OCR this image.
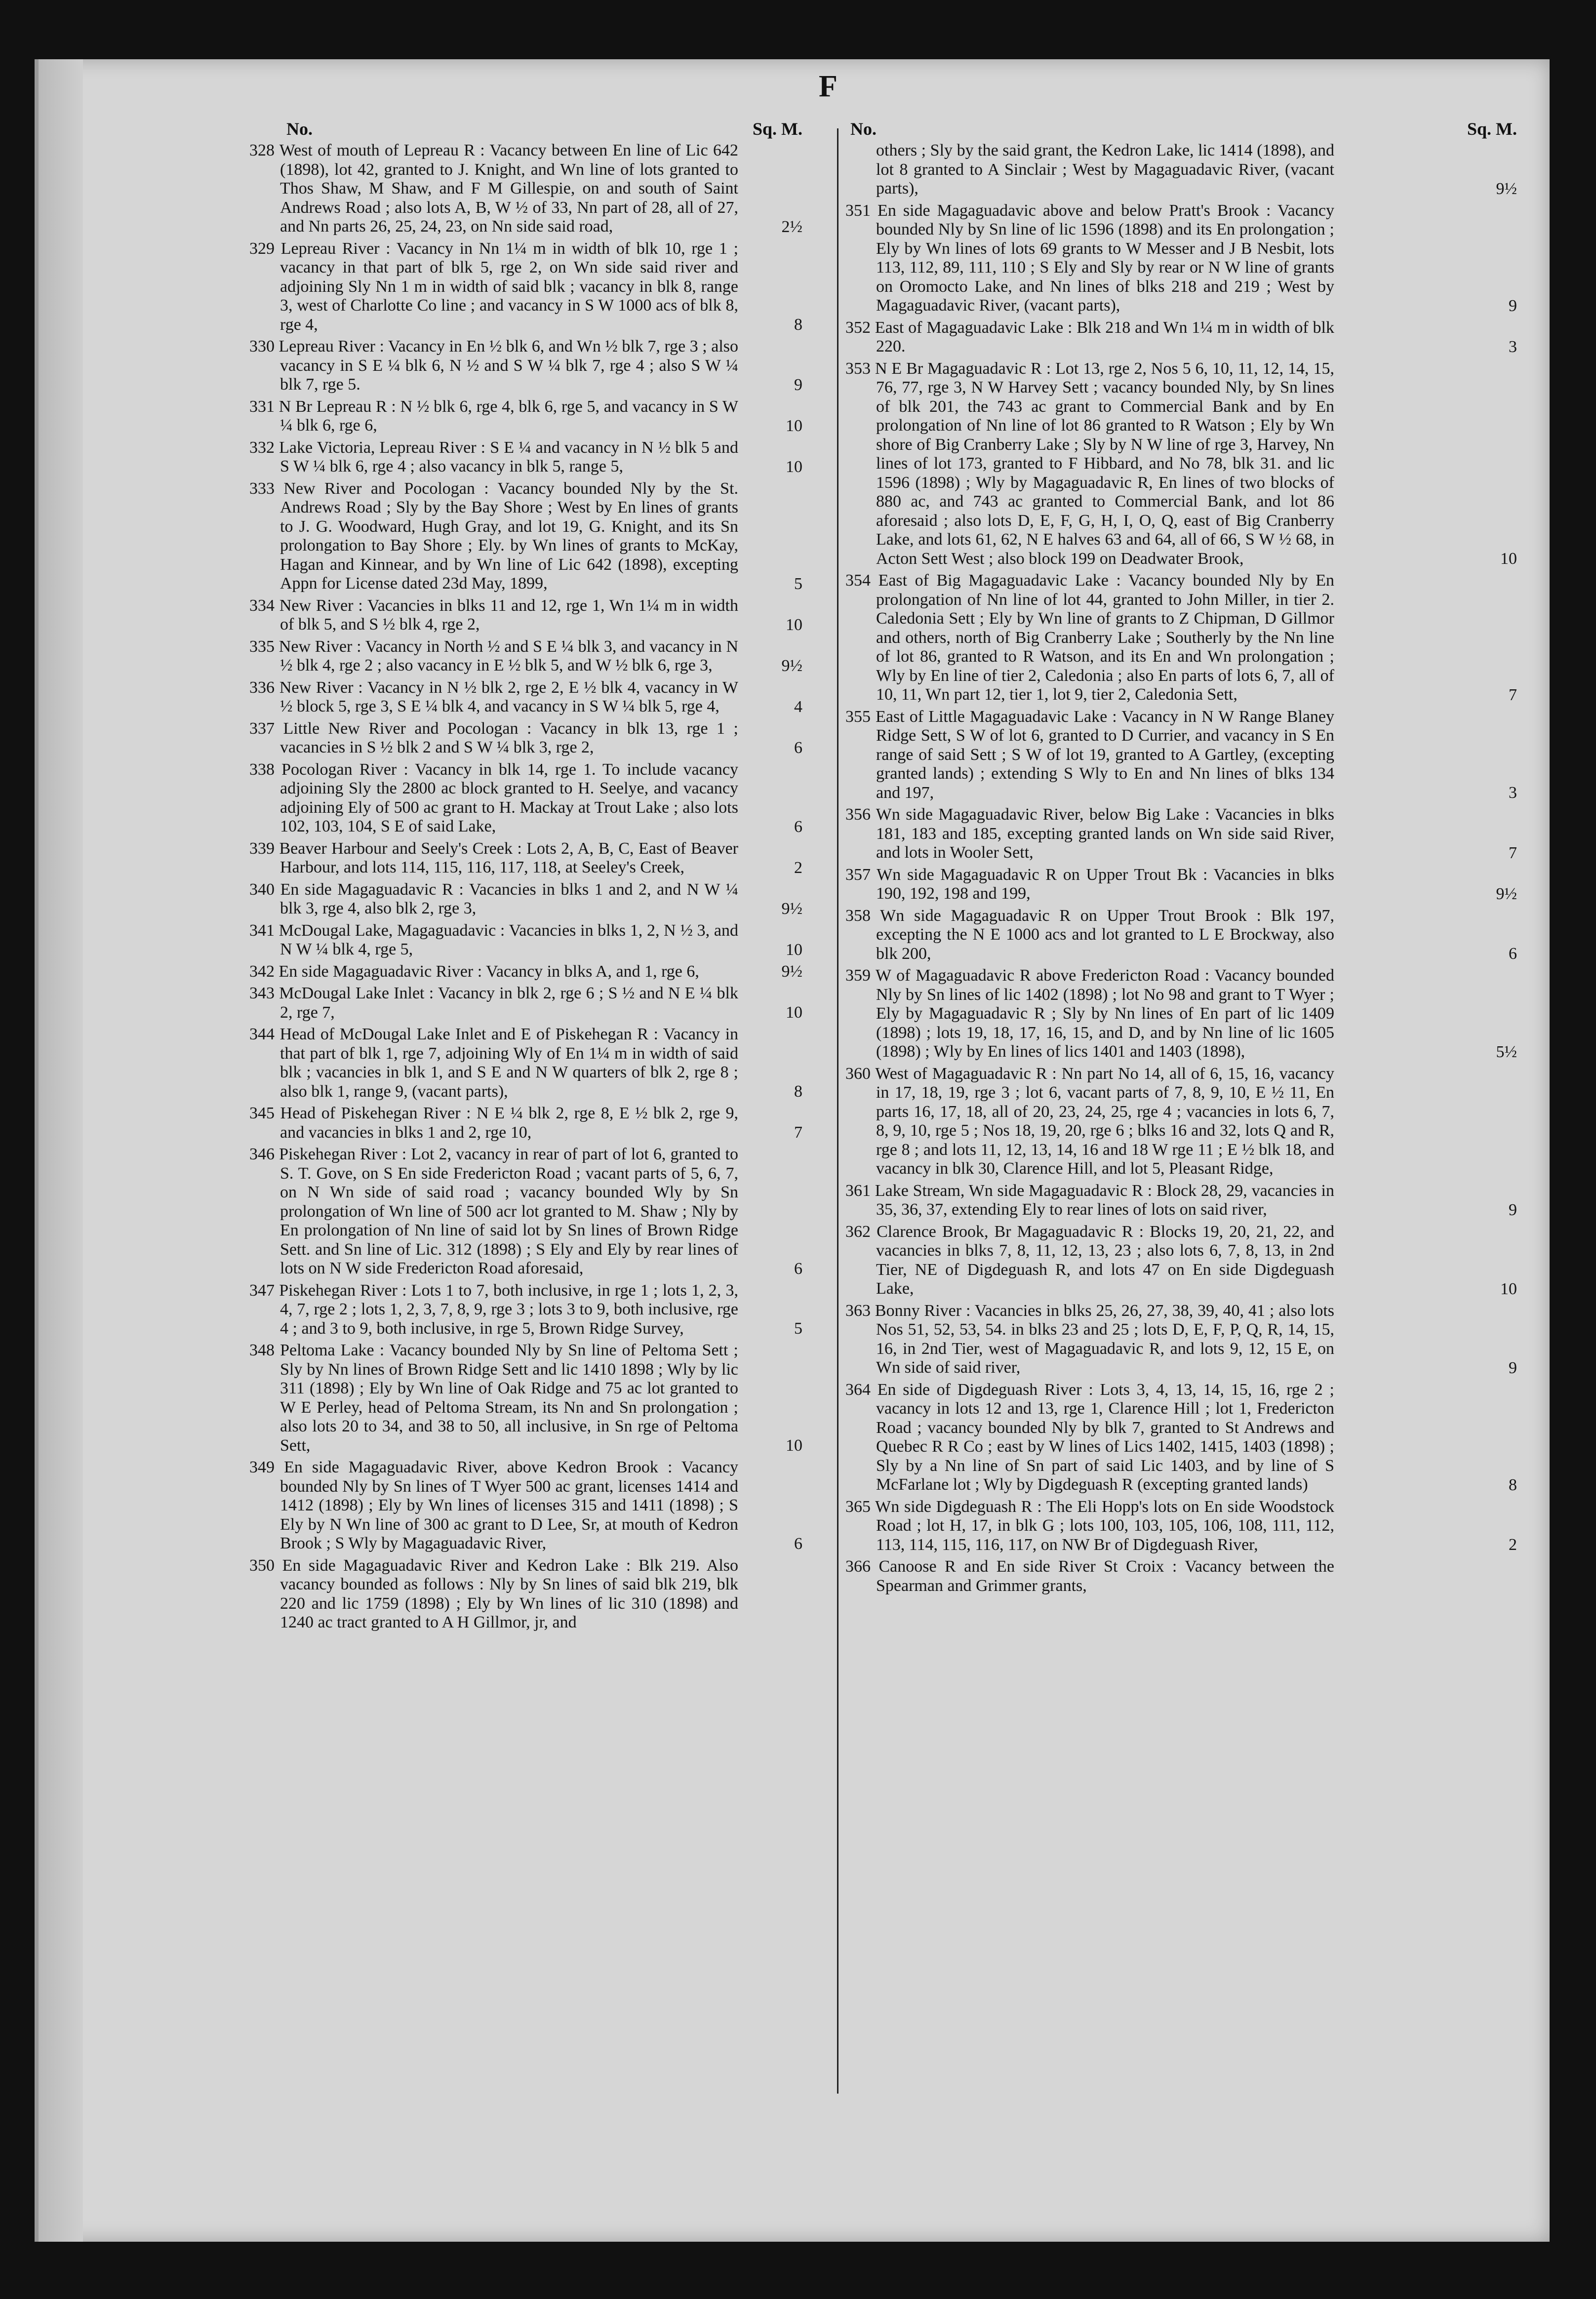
F
No.	Sq. M.
328 West of mouth of Lepreau R : Vacancy between En line of Lic 642 (1898), lot 42, granted to J. Knight, and Wn line of lots granted to Thos Shaw, M Shaw, and F M Gillespie, on and south of Saint Andrews Road ; also lots A, B, W ½ of 33, Nn part of 28, all of 27, and Nn parts 26, 25, 24, 23, on Nn side said road,	2½
329 Lepreau River : Vacancy in Nn 1¼ m in width of blk 10, rge 1 ; vacancy in that part of blk 5, rge 2, on Wn side said river and adjoining Sly Nn 1 m in width of said blk ; vacancy in blk 8, range 3, west of Charlotte Co line ; and vacancy in S W 1000 acs of blk 8, rge 4,	8
330 Lepreau River : Vacancy in En ½ blk 6, and Wn ½ blk 7, rge 3 ; also vacancy in S E ¼ blk 6, N ½ and S W ¼ blk 7, rge 4 ; also S W ¼ blk 7, rge 5.	9
331 N Br Lepreau R : N ½ blk 6, rge 4, blk 6, rge 5, and vacancy in S W ¼ blk 6, rge 6,	10
332 Lake Victoria, Lepreau River : S E ¼ and vacancy in N ½ blk 5 and S W ¼ blk 6, rge 4 ; also vacancy in blk 5, range 5,	10
333 New River and Pocologan : Vacancy bounded Nly by the St. Andrews Road ; Sly by the Bay Shore ; West by En lines of grants to J. G. Woodward, Hugh Gray, and lot 19, G. Knight, and its Sn prolongation to Bay Shore ; Ely. by Wn lines of grants to McKay, Hagan and Kinnear, and by Wn line of Lic 642 (1898), excepting Appn for License dated 23d May, 1899,	5
334 New River : Vacancies in blks 11 and 12, rge 1, Wn 1¼ m in width of blk 5, and S ½ blk 4, rge 2,	10
335 New River : Vacancy in North ½ and S E ¼ blk 3, and vacancy in N ½ blk 4, rge 2 ; also vacancy in E ½ blk 5, and W ½ blk 6, rge 3,	9½
336 New River : Vacancy in N ½ blk 2, rge 2, E ½ blk 4, vacancy in W ½ block 5, rge 3, S E ¼ blk 4, and vacancy in S W ¼ blk 5, rge 4,	4
337 Little New River and Pocologan : Vacancy in blk 13, rge 1 ; vacancies in S ½ blk 2 and S W ¼ blk 3, rge 2,	6
338 Pocologan River : Vacancy in blk 14, rge 1. To include vacancy adjoining Sly the 2800 ac block granted to H. Seelye, and vacancy adjoining Ely of 500 ac grant to H. Mackay at Trout Lake ; also lots 102, 103, 104, S E of said Lake,	6
339 Beaver Harbour and Seely's Creek : Lots 2, A, B, C, East of Beaver Harbour, and lots 114, 115, 116, 117, 118, at Seeley's Creek,	2
340 En side Magaguadavic R : Vacancies in blks 1 and 2, and N W ¼ blk 3, rge 4, also blk 2, rge 3,	9½
341 McDougal Lake, Magaguadavic : Vacancies in blks 1, 2, N ½ 3, and N W ¼ blk 4, rge 5,	10
342 En side Magaguadavic River : Vacancy in blks A, and 1, rge 6,	9½
343 McDougal Lake Inlet : Vacancy in blk 2, rge 6 ; S ½ and N E ¼ blk 2, rge 7,	10
344 Head of McDougal Lake Inlet and E of Piskehegan R : Vacancy in that part of blk 1, rge 7, adjoining Wly of En 1¼ m in width of said blk ; vacancies in blk 1, and S E and N W quarters of blk 2, rge 8 ; also blk 1, range 9, (vacant parts),	8
345 Head of Piskehegan River : N E ¼ blk 2, rge 8, E ½ blk 2, rge 9, and vacancies in blks 1 and 2, rge 10,	7
346 Piskehegan River : Lot 2, vacancy in rear of part of lot 6, granted to S. T. Gove, on S En side Fredericton Road ; vacant parts of 5, 6, 7, on N Wn side of said road ; vacancy bounded Wly by Sn prolongation of Wn line of 500 acr lot granted to M. Shaw ; Nly by En prolongation of Nn line of said lot by Sn lines of Brown Ridge Sett. and Sn line of Lic. 312 (1898) ; S Ely and Ely by rear lines of lots on N W side Fredericton Road aforesaid,	6
347 Piskehegan River : Lots 1 to 7, both inclusive, in rge 1 ; lots 1, 2, 3, 4, 7, rge 2 ; lots 1, 2, 3, 7, 8, 9, rge 3 ; lots 3 to 9, both inclusive, rge 4 ; and 3 to 9, both inclusive, in rge 5, Brown Ridge Survey,	5
348 Peltoma Lake : Vacancy bounded Nly by Sn line of Peltoma Sett ; Sly by Nn lines of Brown Ridge Sett and lic 1410 1898 ; Wly by lic 311 (1898) ; Ely by Wn line of Oak Ridge and 75 ac lot granted to W E Perley, head of Peltoma Stream, its Nn and Sn prolongation ; also lots 20 to 34, and 38 to 50, all inclusive, in Sn rge of Peltoma Sett,	10
349 En side Magaguadavic River, above Kedron Brook : Vacancy bounded Nly by Sn lines of T Wyer 500 ac grant, licenses 1414 and 1412 (1898) ; Ely by Wn lines of licenses 315 and 1411 (1898) ; S Ely by N Wn line of 300 ac grant to D Lee, Sr, at mouth of Kedron Brook ; S Wly by Magaguadavic River,	6
350 En side Magaguadavic River and Kedron Lake : Blk 219. Also vacancy bounded as follows : Nly by Sn lines of said blk 219, blk 220 and lic 1759 (1898) ; Ely by Wn lines of lic 310 (1898) and 1240 ac tract granted to A H Gillmor, jr, and
No.	Sq. M.
others ; Sly by the said grant, the Kedron Lake, lic 1414 (1898), and lot 8 granted to A Sinclair ; West by Magaguadavic River, (vacant parts),	9½
351 En side Magaguadavic above and below Pratt's Brook : Vacancy bounded Nly by Sn line of lic 1596 (1898) and its En prolongation ; Ely by Wn lines of lots 69 grants to W Messer and J B Nesbit, lots 113, 112, 89, 111, 110 ; S Ely and Sly by rear or N W line of grants on Oromocto Lake, and Nn lines of blks 218 and 219 ; West by Magaguadavic River, (vacant parts),	9
352 East of Magaguadavic Lake : Blk 218 and Wn 1¼ m in width of blk 220.	3
353 N E Br Magaguadavic R : Lot 13, rge 2, Nos 5 6, 10, 11, 12, 14, 15, 76, 77, rge 3, N W Harvey Sett ; vacancy bounded Nly, by Sn lines of blk 201, the 743 ac grant to Commercial Bank and by En prolongation of Nn line of lot 86 granted to R Watson ; Ely by Wn shore of Big Cranberry Lake ; Sly by N W line of rge 3, Harvey, Nn lines of lot 173, granted to F Hibbard, and No 78, blk 31. and lic 1596 (1898) ; Wly by Magaguadavic R, En lines of two blocks of 880 ac, and 743 ac granted to Commercial Bank, and lot 86 aforesaid ; also lots D, E, F, G, H, I, O, Q, east of Big Cranberry Lake, and lots 61, 62, N E halves 63 and 64, all of 66, S W ½ 68, in Acton Sett West ; also block 199 on Deadwater Brook,	10
354 East of Big Magaguadavic Lake : Vacancy bounded Nly by En prolongation of Nn line of lot 44, granted to John Miller, in tier 2. Caledonia Sett ; Ely by Wn line of grants to Z Chipman, D Gillmor and others, north of Big Cranberry Lake ; Southerly by the Nn line of lot 86, granted to R Watson, and its En and Wn prolongation ; Wly by En line of tier 2, Caledonia ; also En parts of lots 6, 7, all of 10, 11, Wn part 12, tier 1, lot 9, tier 2, Caledonia Sett,	7
355 East of Little Magaguadavic Lake : Vacancy in N W Range Blaney Ridge Sett, S W of lot 6, granted to D Currier, and vacancy in S En range of said Sett ; S W of lot 19, granted to A Gartley, (excepting granted lands) ; extending S Wly to En and Nn lines of blks 134 and 197,	3
356 Wn side Magaguadavic River, below Big Lake : Vacancies in blks 181, 183 and 185, excepting granted lands on Wn side said River, and lots in Wooler Sett,	7
357 Wn side Magaguadavic R on Upper Trout Bk : Vacancies in blks 190, 192, 198 and 199,	9½
358 Wn side Magaguadavic R on Upper Trout Brook : Blk 197, excepting the N E 1000 acs and lot granted to L E Brockway, also blk 200,	6
359 W of Magaguadavic R above Fredericton Road : Vacancy bounded Nly by Sn lines of lic 1402 (1898) ; lot No 98 and grant to T Wyer ; Ely by Magaguadavic R ; Sly by Nn lines of En part of lic 1409 (1898) ; lots 19, 18, 17, 16, 15, and D, and by Nn line of lic 1605 (1898) ; Wly by En lines of lics 1401 and 1403 (1898),	5½
360 West of Magaguadavic R : Nn part No 14, all of 6, 15, 16, vacancy in 17, 18, 19, rge 3 ; lot 6, vacant parts of 7, 8, 9, 10, E ½ 11, En parts 16, 17, 18, all of 20, 23, 24, 25, rge 4 ; vacancies in lots 6, 7, 8, 9, 10, rge 5 ; Nos 18, 19, 20, rge 6 ; blks 16 and 32, lots Q and R, rge 8 ; and lots 11, 12, 13, 14, 16 and 18 W rge 11 ; E ½ blk 18, and vacancy in blk 30, Clarence Hill, and lot 5, Pleasant Ridge,
361 Lake Stream, Wn side Magaguadavic R : Block 28, 29, vacancies in 35, 36, 37, extending Ely to rear lines of lots on said river,	9
362 Clarence Brook, Br Magaguadavic R : Blocks 19, 20, 21, 22, and vacancies in blks 7, 8, 11, 12, 13, 23 ; also lots 6, 7, 8, 13, in 2nd Tier, NE of Digdeguash R, and lots 47 on En side Digdeguash Lake,	10
363 Bonny River : Vacancies in blks 25, 26, 27, 38, 39, 40, 41 ; also lots Nos 51, 52, 53, 54. in blks 23 and 25 ; lots D, E, F, P, Q, R, 14, 15, 16, in 2nd Tier, west of Magaguadavic R, and lots 9, 12, 15 E, on Wn side of said river,	9
364 En side of Digdeguash River : Lots 3, 4, 13, 14, 15, 16, rge 2 ; vacancy in lots 12 and 13, rge 1, Clarence Hill ; lot 1, Fredericton Road ; vacancy bounded Nly by blk 7, granted to St Andrews and Quebec R R Co ; east by W lines of Lics 1402, 1415, 1403 (1898) ; Sly by a Nn line of Sn part of said Lic 1403, and by line of S McFarlane lot ; Wly by Digdeguash R (excepting granted lands)	8
365 Wn side Digdeguash R : The Eli Hopp's lots on En side Woodstock Road ; lot H, 17, in blk G ; lots 100, 103, 105, 106, 108, 111, 112, 113, 114, 115, 116, 117, on NW Br of Digdeguash River,	2
366 Canoose R and En side River St Croix : Vacancy between the Spearman and Grimmer grants,
